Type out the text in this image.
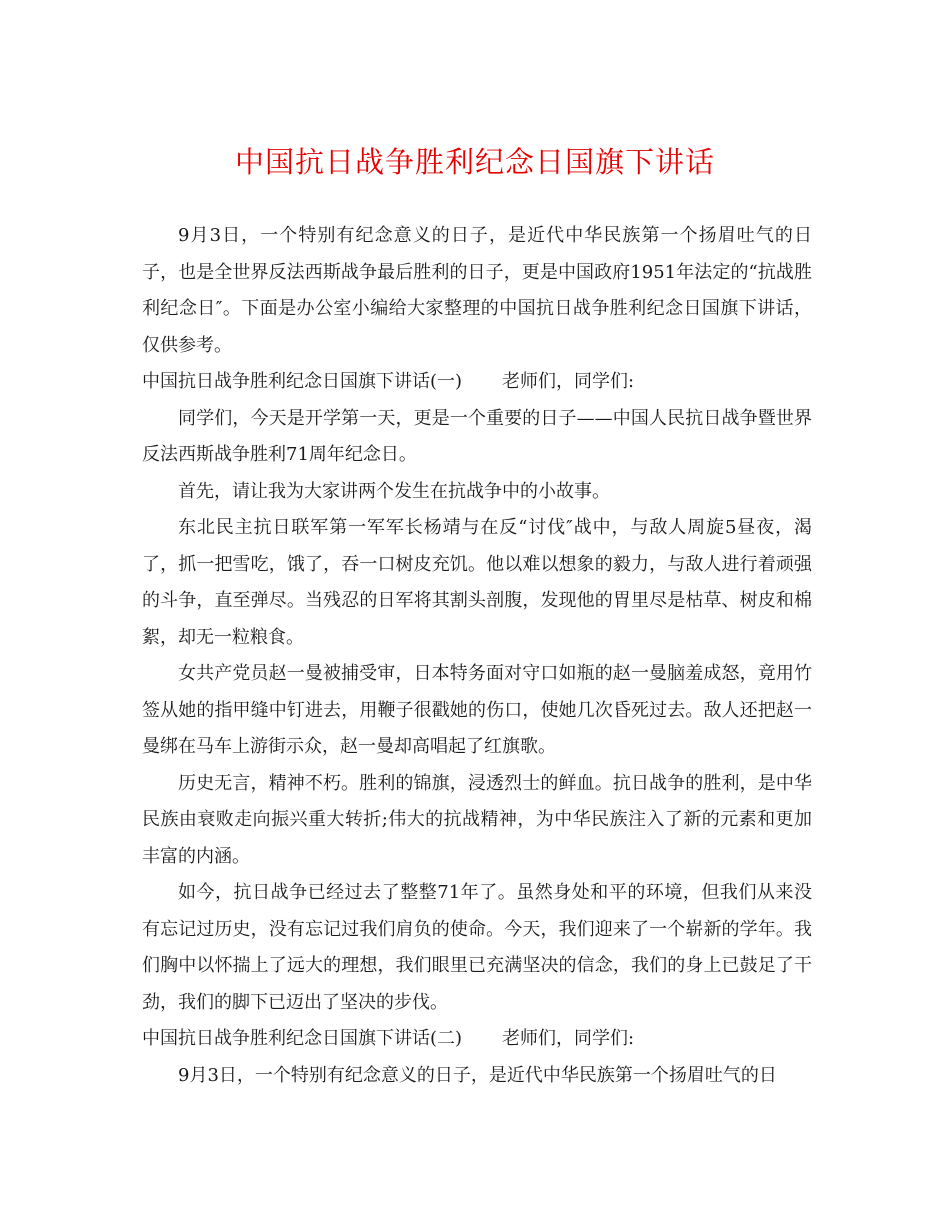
中国抗日战争胜利纪念日国旗下讲话

9月3日，一个特别有纪念意义的日子，是近代中华民族第一个扬眉吐气的日子，也是全世界反法西斯战争最后胜利的日子，更是中国政府1951年法定的“抗战胜利纪念日″。下面是办公室小编给大家整理的中国抗日战争胜利纪念日国旗下讲话，仅供参考。

中国抗日战争胜利纪念日国旗下讲话(一) 老师们，同学们:

同学们，今天是开学第一天，更是一个重要的日子——中国人民抗日战争暨世界反法西斯战争胜利71周年纪念日。

首先，请让我为大家讲两个发生在抗战争中的小故事。

东北民主抗日联军第一军军长杨靖与在反“讨伐″战中，与敌人周旋5昼夜，渴了，抓一把雪吃，饿了，吞一口树皮充饥。他以难以想象的毅力，与敌人进行着顽强的斗争，直至弹尽。当残忍的日军将其割头剖腹，发现他的胃里尽是枯草、树皮和棉絮，却无一粒粮食。

女共产党员赵一曼被捕受审，日本特务面对守口如瓶的赵一曼脑羞成怒，竟用竹签从她的指甲缝中钉进去，用鞭子很戳她的伤口，使她几次昏死过去。敌人还把赵一曼绑在马车上游街示众，赵一曼却高唱起了红旗歌。

历史无言，精神不朽。胜利的锦旗，浸透烈士的鲜血。抗日战争的胜利，是中华民族由衰败走向振兴重大转折;伟大的抗战精神，为中华民族注入了新的元素和更加丰富的内涵。

如今，抗日战争已经过去了整整71年了。虽然身处和平的环境，但我们从来没有忘记过历史，没有忘记过我们肩负的使命。今天，我们迎来了一个崭新的学年。我们胸中以怀揣上了远大的理想，我们眼里已充满坚决的信念，我们的身上已鼓足了干劲，我们的脚下已迈出了坚决的步伐。

中国抗日战争胜利纪念日国旗下讲话(二) 老师们，同学们:

9月3日，一个特别有纪念意义的日子，是近代中华民族第一个扬眉吐气的日
